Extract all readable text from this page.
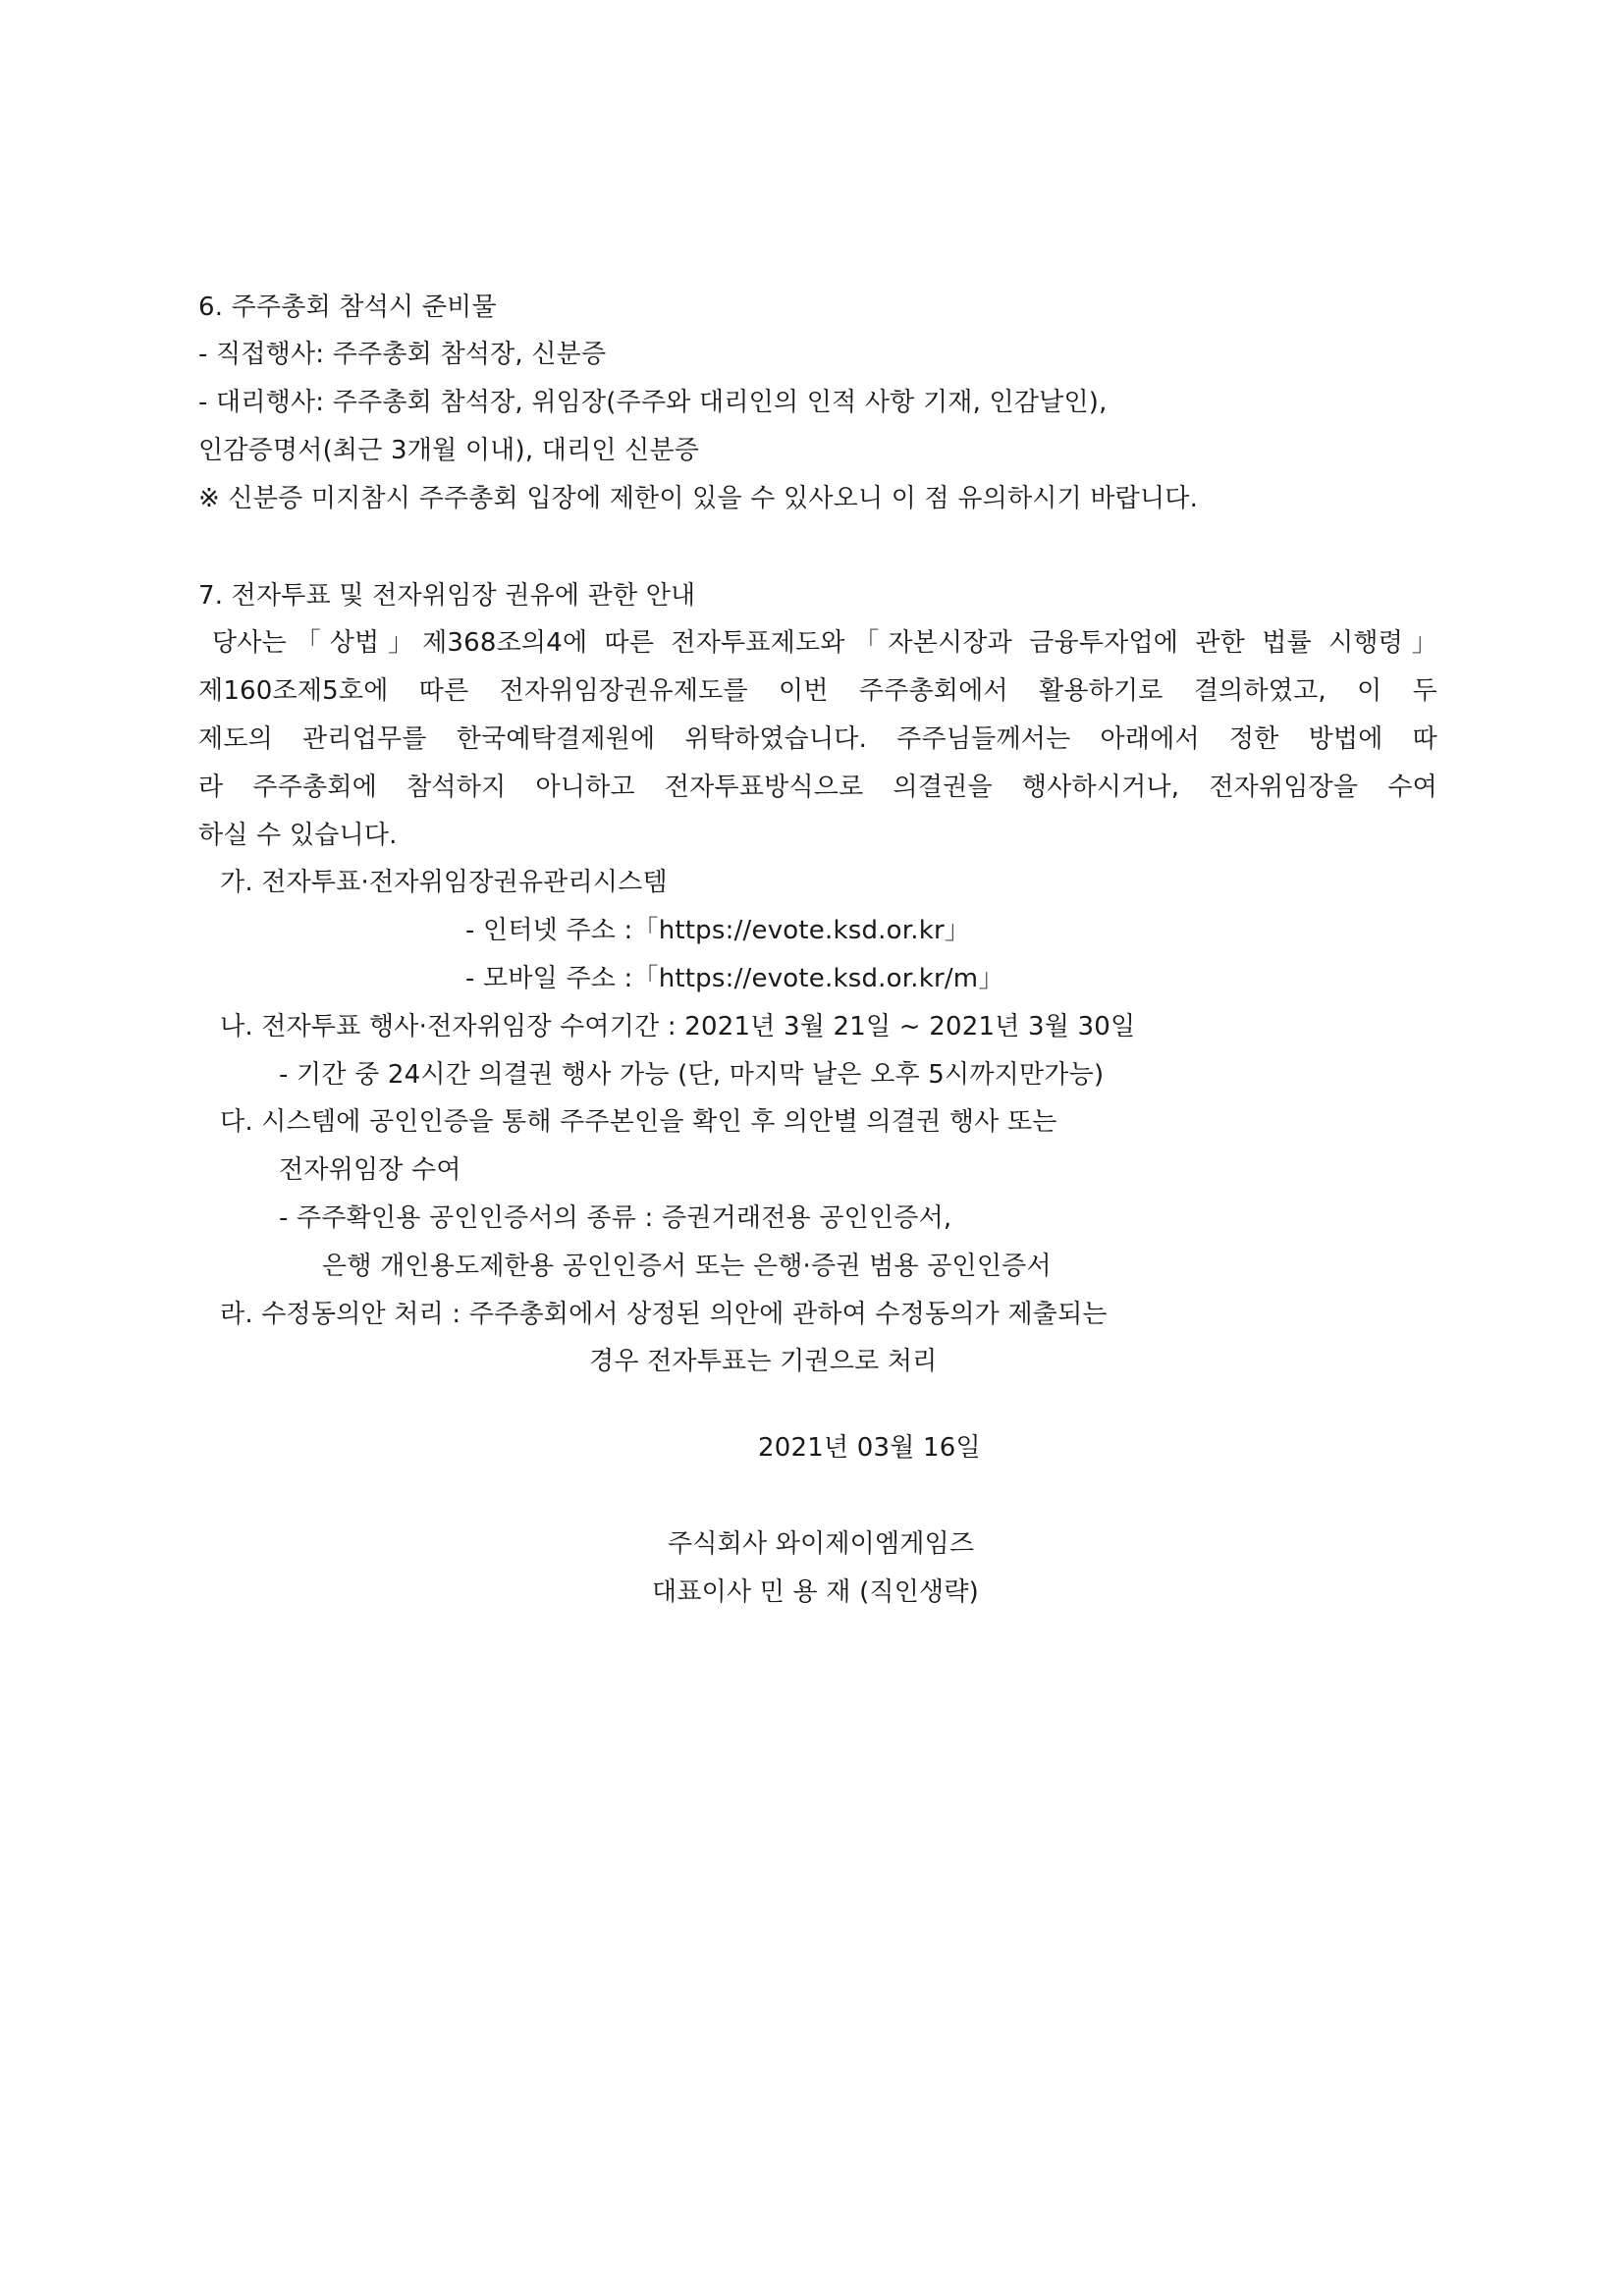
6. 주주총회 참석시 준비물
- 직접행사: 주주총회 참석장, 신분증
- 대리행사: 주주총회 참석장, 위임장(주주와 대리인의 인적 사항 기재, 인감날인),
인감증명서(최근 3개월 이내), 대리인 신분증
※ 신분증 미지참시 주주총회 입장에 제한이 있을 수 있사오니 이 점 유의하시기 바랍니다.
7. 전자투표 및 전자위임장 권유에 관한 안내
당사는「상법」제368조의4에 따른 전자투표제도와「자본시장과 금융투자업에 관한 법률 시행령」
제160조제5호에 따른 전자위임장권유제도를 이번 주주총회에서 활용하기로 결의하였고, 이 두
제도의 관리업무를 한국예탁결제원에 위탁하였습니다. 주주님들께서는 아래에서 정한 방법에 따
라 주주총회에 참석하지 아니하고 전자투표방식으로 의결권을 행사하시거나, 전자위임장을 수여
하실 수 있습니다.
가. 전자투표·전자위임장권유관리시스템
- 인터넷 주소 :「https://evote.ksd.or.kr」
- 모바일 주소 :「https://evote.ksd.or.kr/m」
나. 전자투표 행사·전자위임장 수여기간 : 2021년 3월 21일 ~ 2021년 3월 30일
- 기간 중 24시간 의결권 행사 가능 (단, 마지막 날은 오후 5시까지만가능)
다. 시스템에 공인인증을 통해 주주본인을 확인 후 의안별 의결권 행사 또는
전자위임장 수여
- 주주확인용 공인인증서의 종류 : 증권거래전용 공인인증서,
은행 개인용도제한용 공인인증서 또는 은행·증권 범용 공인인증서
라. 수정동의안 처리 : 주주총회에서 상정된 의안에 관하여 수정동의가 제출되는
경우 전자투표는 기권으로 처리
2021년 03월 16일
주식회사 와이제이엠게임즈
대표이사 민 용 재 (직인생략)
